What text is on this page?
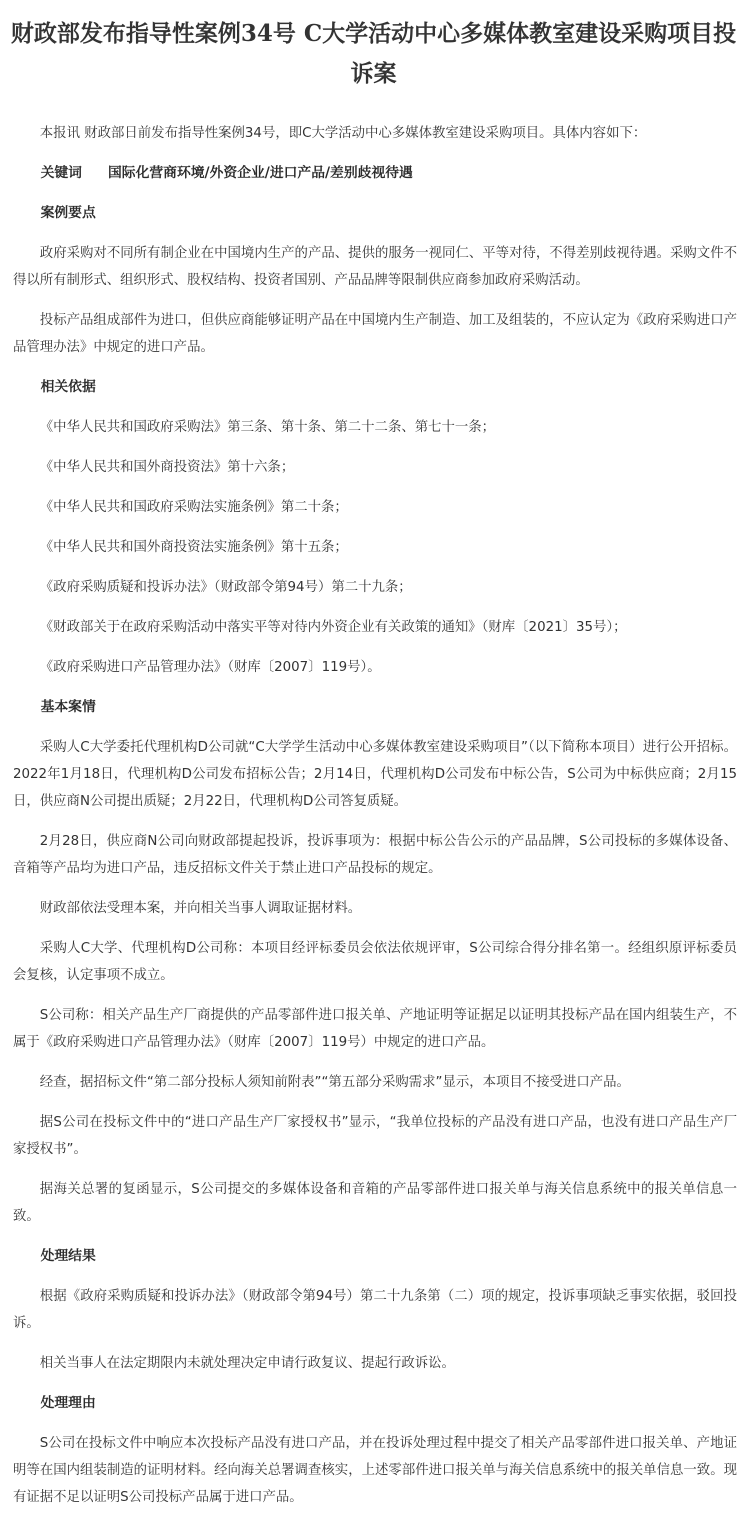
财政部发布指导性案例34号 C大学活动中心多媒体教室建设采购项目投诉案

本报讯 财政部日前发布指导性案例34号，即C大学活动中心多媒体教室建设采购项目。具体内容如下：

关键词 国际化营商环境/外资企业/进口产品/差别歧视待遇

案例要点

政府采购对不同所有制企业在中国境内生产的产品、提供的服务一视同仁、平等对待，不得差别歧视待遇。采购文件不得以所有制形式、组织形式、股权结构、投资者国别、产品品牌等限制供应商参加政府采购活动。

投标产品组成部件为进口，但供应商能够证明产品在中国境内生产制造、加工及组装的，不应认定为《政府采购进口产品管理办法》中规定的进口产品。

相关依据

《中华人民共和国政府采购法》第三条、第十条、第二十二条、第七十一条；

《中华人民共和国外商投资法》第十六条；

《中华人民共和国政府采购法实施条例》第二十条；

《中华人民共和国外商投资法实施条例》第十五条；

《政府采购质疑和投诉办法》（财政部令第94号）第二十九条；

《财政部关于在政府采购活动中落实平等对待内外资企业有关政策的通知》（财库〔2021〕35号）；

《政府采购进口产品管理办法》（财库〔2007〕119号）。

基本案情

采购人C大学委托代理机构D公司就“C大学学生活动中心多媒体教室建设采购项目”（以下简称本项目）进行公开招标。2022年1月18日，代理机构D公司发布招标公告；2月14日，代理机构D公司发布中标公告，S公司为中标供应商；2月15日，供应商N公司提出质疑；2月22日，代理机构D公司答复质疑。

2月28日，供应商N公司向财政部提起投诉，投诉事项为：根据中标公告公示的产品品牌，S公司投标的多媒体设备、音箱等产品均为进口产品，违反招标文件关于禁止进口产品投标的规定。

财政部依法受理本案，并向相关当事人调取证据材料。

采购人C大学、代理机构D公司称：本项目经评标委员会依法依规评审，S公司综合得分排名第一。经组织原评标委员会复核，认定事项不成立。

S公司称：相关产品生产厂商提供的产品零部件进口报关单、产地证明等证据足以证明其投标产品在国内组装生产，不属于《政府采购进口产品管理办法》（财库〔2007〕119号）中规定的进口产品。

经查，据招标文件“第二部分投标人须知前附表”“第五部分采购需求”显示，本项目不接受进口产品。

据S公司在投标文件中的“进口产品生产厂家授权书”显示，“我单位投标的产品没有进口产品，也没有进口产品生产厂家授权书”。

据海关总署的复函显示，S公司提交的多媒体设备和音箱的产品零部件进口报关单与海关信息系统中的报关单信息一致。

处理结果

根据《政府采购质疑和投诉办法》（财政部令第94号）第二十九条第（二）项的规定，投诉事项缺乏事实依据，驳回投诉。

相关当事人在法定期限内未就处理决定申请行政复议、提起行政诉讼。

处理理由

S公司在投标文件中响应本次投标产品没有进口产品，并在投诉处理过程中提交了相关产品零部件进口报关单、产地证明等在国内组装制造的证明材料。经向海关总署调查核实，上述零部件进口报关单与海关信息系统中的报关单信息一致。现有证据不足以证明S公司投标产品属于进口产品。
